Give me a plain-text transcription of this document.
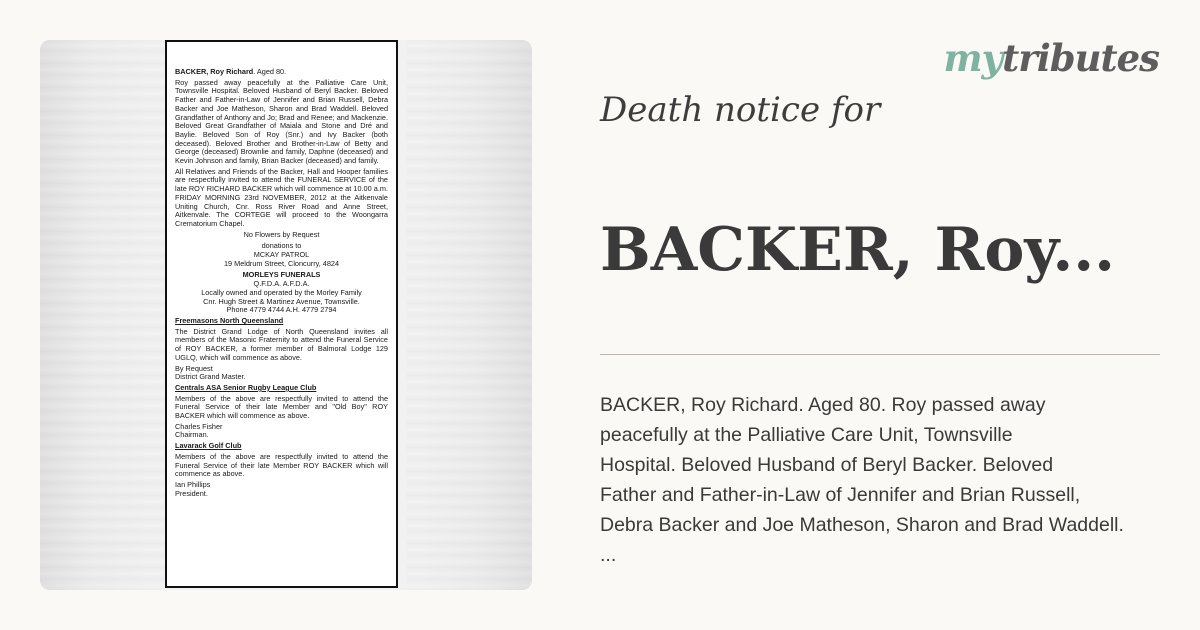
BACKER, Roy Richard. Aged 80.

Roy passed away peacefully at the Palliative Care Unit, Townsville Hospital. Beloved Husband of Beryl Backer. Beloved Father and Father-in-Law of Jennifer and Brian Russell, Debra Backer and Joe Matheson, Sharon and Brad Waddell. Beloved Grandfather of Anthony and Jo; Brad and Renee; and Mackenzie. Beloved Great Grandfather of Maiala and Stone and Dré and Baylie. Beloved Son of Roy (Snr.) and Ivy Backer (both deceased). Beloved Brother and Brother-in-Law of Betty and George (deceased) Brownlie and family, Daphne (deceased) and Kevin Johnson and family, Brian Backer (deceased) and family.

All Relatives and Friends of the Backer, Hall and Hooper families are respectfully invited to attend the FUNERAL SERVICE of the late ROY RICHARD BACKER which will commence at 10.00 a.m. FRIDAY MORNING 23rd NOVEMBER, 2012 at the Aitkenvale Uniting Church, Cnr. Ross River Road and Anne Street, Aitkenvale. The CORTEGE will proceed to the Woongarra Crematorium Chapel.

No Flowers by Request

donations to

MCKAY PATROL

19 Meldrum Street, Cloncurry, 4824

MORLEYS FUNERALS

Q.F.D.A. A.F.D.A.

Locally owned and operated by the Morley Family

Cnr. Hugh Street & Martinez Avenue, Townsville.

Phone 4779 4744 A.H. 4779 2794

Freemasons North Queensland

The District Grand Lodge of North Queensland invites all members of the Masonic Fraternity to attend the Funeral Service of ROY BACKER, a former member of Balmoral Lodge 129 UGLQ, which will commence as above.

By Request

District Grand Master.

Centrals ASA Senior Rugby League Club

Members of the above are respectfully invited to attend the Funeral Service of their late Member and "Old Boy" ROY BACKER which will commence as above.

Charles Fisher

Chairman.

Lavarack Golf Club

Members of the above are respectfully invited to attend the Funeral Service of their late Member ROY BACKER which will commence as above.

Ian Phillips

President.

mytributes
Death notice for
BACKER, Roy...
BACKER, Roy Richard. Aged 80. Roy passed away
peacefully at the Palliative Care Unit, Townsville
Hospital. Beloved Husband of Beryl Backer. Beloved
Father and Father-in-Law of Jennifer and Brian Russell,
Debra Backer and Joe Matheson, Sharon and Brad Waddell.
...
